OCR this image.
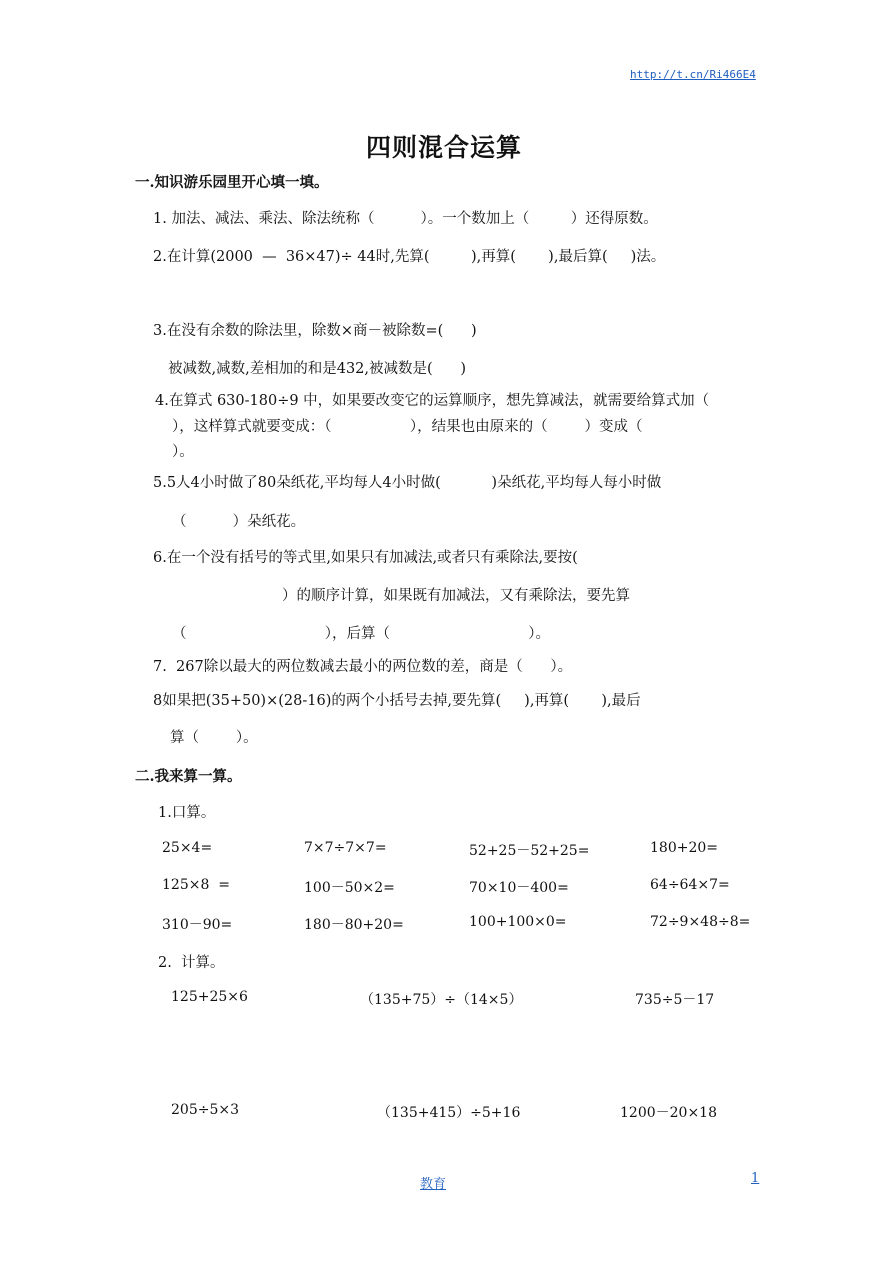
http://t.cn/Ri466E4
四则混合运算
一.知识游乐园里开心填一填。
1. 加法、减法、乘法、除法统称（          ）。一个数加上（         ）还得原数。
2.在计算(2000  —  36×47)÷ 44时,先算(         ),再算(       ),最后算(     )法。
3.在没有余数的除法里，除数×商－被除数=(      )
被减数,减数,差相加的和是432,被减数是(      )
4.在算式 630-180÷9 中，如果要改变它的运算顺序，想先算减法，就需要给算式加（
），这样算式就要变成：（                 ），结果也由原来的（        ）变成（
）。
5.5人4小时做了80朵纸花,平均每人4小时做(           )朵纸花,平均每人每小时做
（          ）朵纸花。
6.在一个没有括号的等式里,如果只有加减法,或者只有乘除法,要按(
）的顺序计算，如果既有加减法，又有乘除法，要先算
（                              ），后算（                              ）。
7.  267除以最大的两位数减去最小的两位数的差，商是（      ）。
8如果把(35+50)×(28-16)的两个小括号去掉,要先算(     ),再算(       ),最后
算（        ）。
二.我来算一算。
1.口算。
25×4=	7×7÷7×7=	52+25－52+25=	180+20=
125×8  =	100－50×2=	70×10－400=	64÷64×7=
310－90=	180－80+20=	100+100×0=	72÷9×48÷8=
2.  计算。
125+25×6	（135+75）÷（14×5）	735÷5－17
205÷5×3	（135+415）÷5+16	1200－20×18
教育	1
